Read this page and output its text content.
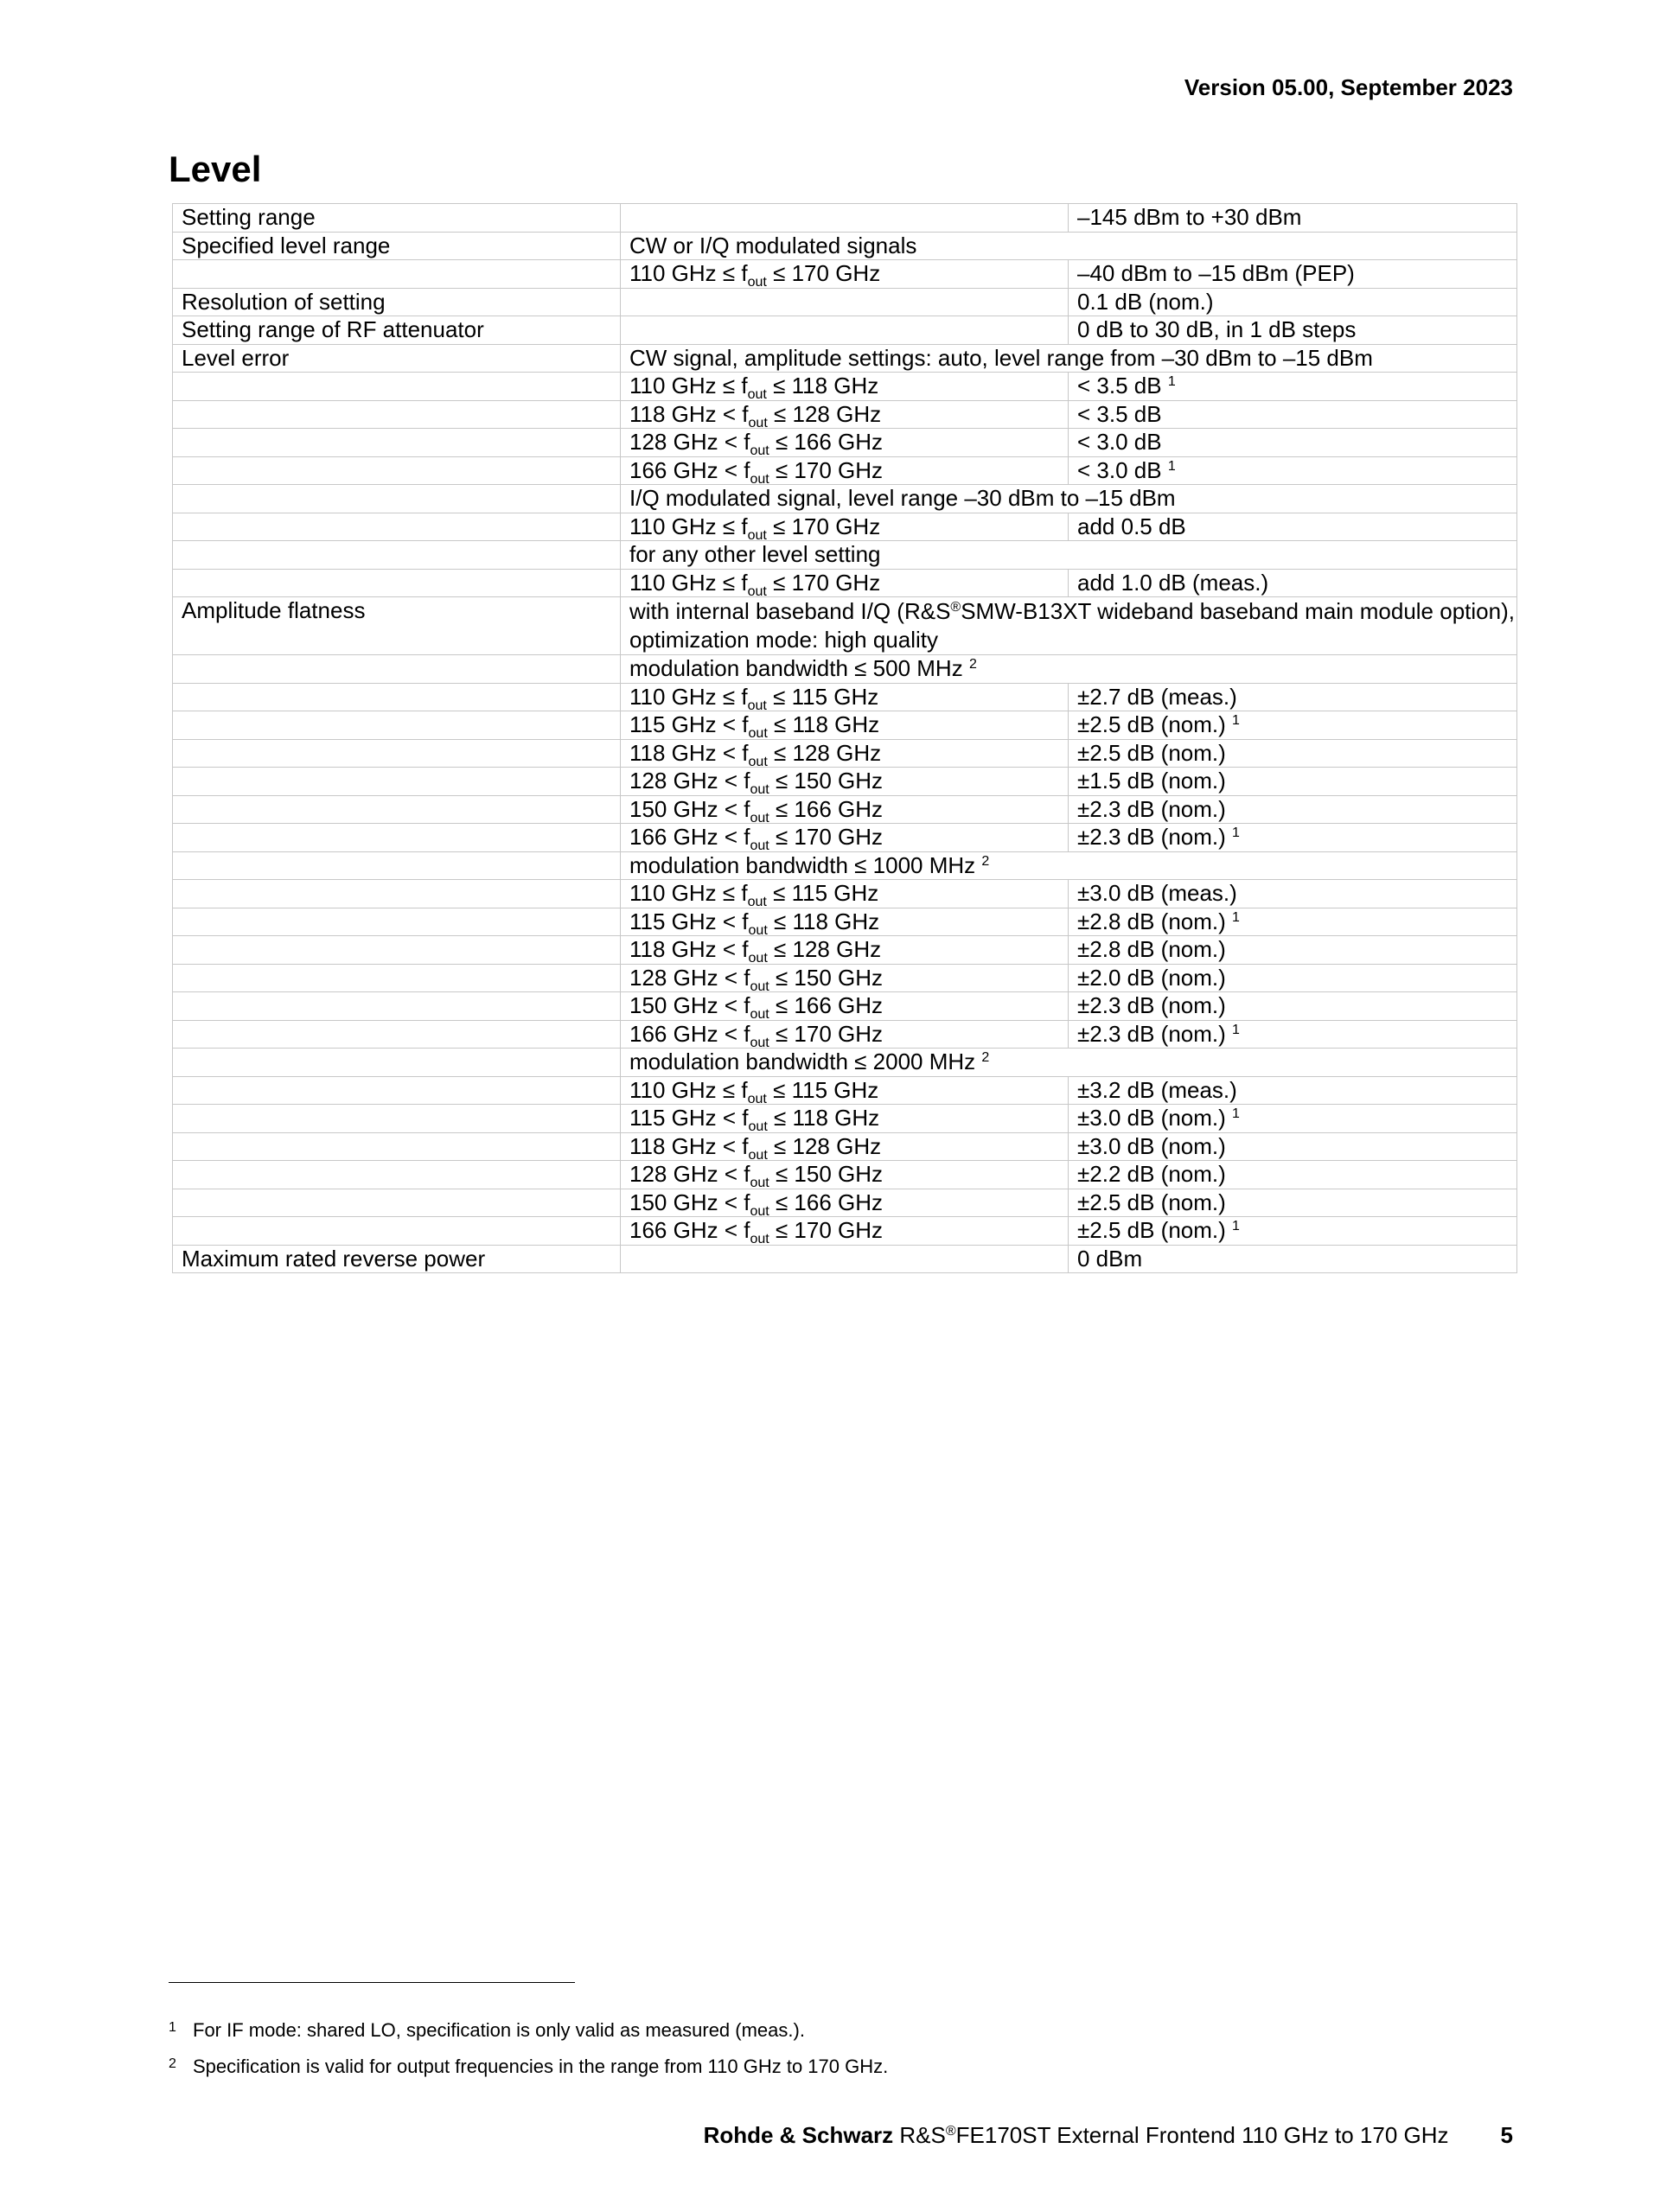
Version 05.00, September 2023
Level
Setting range		–145 dBm to +30 dBm
Specified level range	CW or I/Q modulated signals	
	110 GHz ≤ $f_{out} \le 170$ GHz	–40 dBm to –15 dBm (PEP)
Resolution of setting		0.1 dB (nom.)
Setting range of RF attenuator		0 dB to 30 dB, in 1 dB steps
Level error	CW signal, amplitude settings: auto, level range from –30 dBm to –15 dBm	
	110 GHz ≤ $f_{out} \le 118$ GHz	< 3.5 dB $^1$
	118 GHz < $f_{out} \le 128$ GHz	< 3.5 dB
	128 GHz < $f_{out} \le 166$ GHz	< 3.0 dB
	166 GHz < $f_{out} \le 170$ GHz	< 3.0 dB $^1$
	I/Q modulated signal, level range –30 dBm to –15 dBm	
	110 GHz ≤ $f_{out} \le 170$ GHz	add 0.5 dB
	for any other level setting	
	110 GHz ≤ $f_{out} \le 170$ GHz	add 1.0 dB (meas.)
Amplitude flatness	with internal baseband I/Q (R&S®SMW-B13XT wideband baseband main module option), optimization mode: high quality	
	modulation bandwidth ≤ 500 MHz $^2$
	110 GHz ≤ $f_{out} \le 115$ GHz	±2.7 dB (meas.)
	115 GHz < $f_{out} \le 118$ GHz	±2.5 dB (nom.) $^1$
	118 GHz < $f_{out} \le 128$ GHz	±2.5 dB (nom.)
	128 GHz < $f_{out} \le 150$ GHz	±1.5 dB (nom.)
	150 GHz < $f_{out} \le 166$ GHz	±2.3 dB (nom.)
	166 GHz < $f_{out} \le 170$ GHz	±2.3 dB (nom.) $^1$
	modulation bandwidth ≤ 1000 MHz $^2$
	110 GHz ≤ $f_{out} \le 115$ GHz	±3.0 dB (meas.)
	115 GHz < $f_{out} \le 118$ GHz	±2.8 dB (nom.) $^1$
	118 GHz < $f_{out} \le 128$ GHz	±2.8 dB (nom.)
	128 GHz < $f_{out} \le 150$ GHz	±2.0 dB (nom.)
	150 GHz < $f_{out} \le 166$ GHz	±2.3 dB (nom.)
	166 GHz < $f_{out} \le 170$ GHz	±2.3 dB (nom.) $^1$
	modulation bandwidth ≤ 2000 MHz $^2$
	110 GHz ≤ $f_{out} \le 115$ GHz	±3.2 dB (meas.)
	115 GHz < $f_{out} \le 118$ GHz	±3.0 dB (nom.) $^1$
	118 GHz < $f_{out} \le 128$ GHz	±3.0 dB (nom.)
	128 GHz < $f_{out} \le 150$ GHz	±2.2 dB (nom.)
	150 GHz < $f_{out} \le 166$ GHz	±2.5 dB (nom.)
	166 GHz < $f_{out} \le 170$ GHz	±2.5 dB (nom.) $^1$
Maximum rated reverse power		0 dBm
1 For IF mode: shared LO, specification is only valid as measured (meas.).
2 Specification is valid for output frequencies in the range from 110 GHz to 170 GHz.
Rohde & Schwarz R&S®FE170ST External Frontend 110 GHz to 170 GHz 5
